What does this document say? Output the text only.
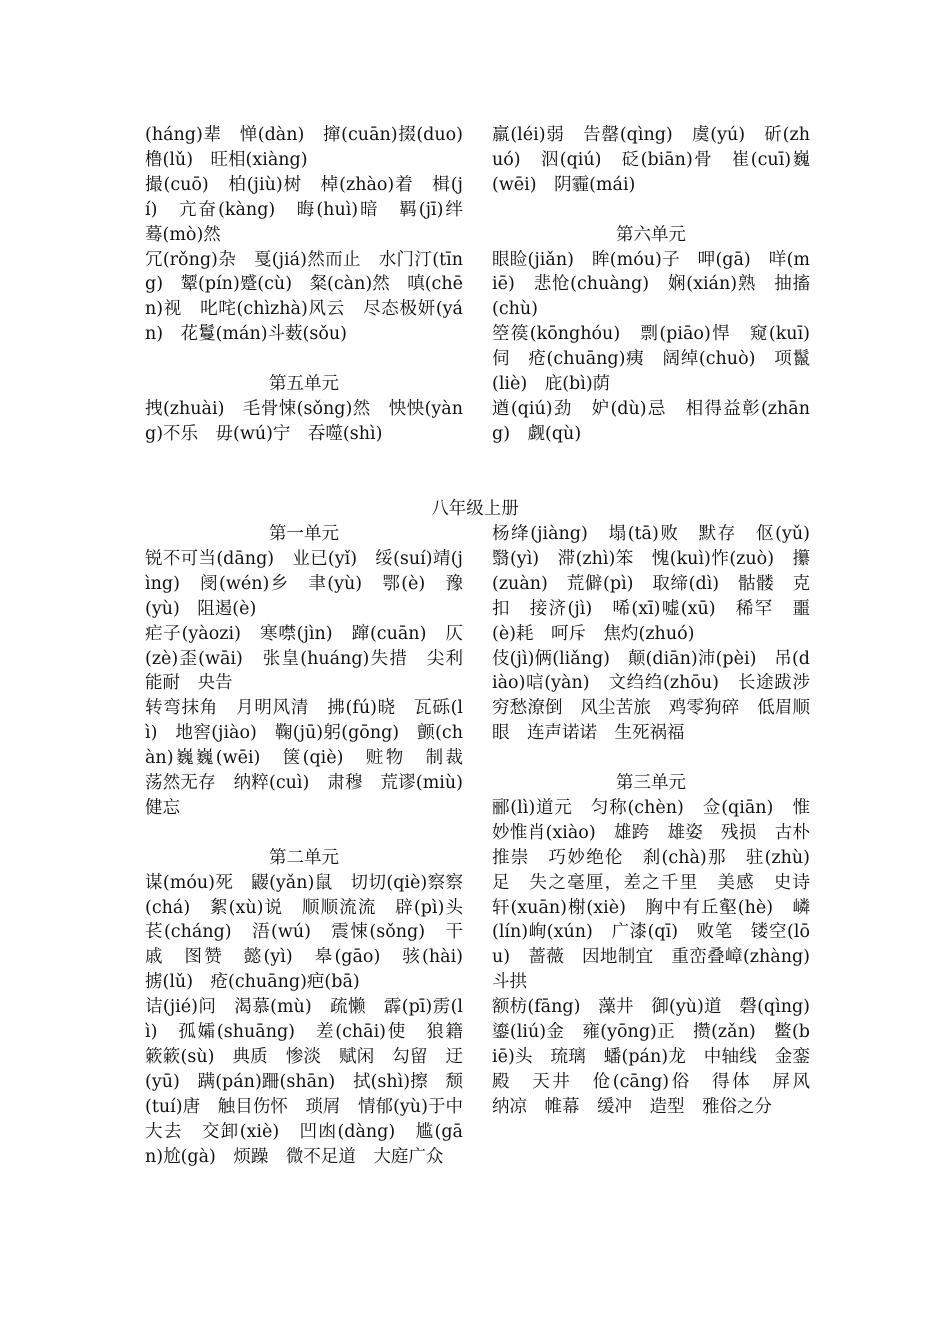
(háng)辈　惮(dàn)　撺(cuān)掇(duo)　橹(lǔ)　旺相(xiàng)

撮(cuō)　柏(jiù)树　棹(zhào)着　楫(jí)　亢奋(kàng)　晦(huì)暗　羁(jī)绊　蓦(mò)然

冗(rǒng)杂　戛(jiá)然而止　水门汀(tīng)　颦(pín)蹙(cù)　粲(càn)然　嗔(chēn)视　叱咤(chìzhà)风云　尽态极妍(yán)　花鬘(mán)斗薮(sǒu)

第五单元

拽(zhuài)　毛骨悚(sǒng)然　怏怏(yàng)不乐　毋(wú)宁　吞噬(shì)

羸(léi)弱　告罄(qìng)　虞(yú)　斫(zhuó)　泅(qiú)　砭(biān)骨　崔(cuī)巍(wēi)　阴霾(mái)

第六单元

眼睑(jiǎn)　眸(móu)子　呷(gā)　咩(miē)　悲怆(chuàng)　娴(xián)熟　抽搐(chù)

箜篌(kōnghóu)　剽(piāo)悍　窥(kuī)伺　疮(chuāng)痍　阔绰(chuò)　项鬣(liè)　庇(bì)荫

遒(qiú)劲　妒(dù)忌　相得益彰(zhāng)　觑(qù)

八年级上册

第一单元

锐不可当(dāng)　业已(yǐ)　绥(suí)靖(jìng)　阌(wén)乡　聿(yù)　鄂(è)　豫(yù)　阻遏(è)

疟子(yàozi)　寒噤(jìn)　蹿(cuān)　仄(zè)歪(wāi)　张皇(huáng)失措　尖利　能耐　央告

转弯抹角　月明风清　拂(fú)晓　瓦砾(lì)　地窖(jiào)　鞠(jū)躬(gōng)　颤(chàn)巍巍(wēi)　箧(qiè)　赃物　制裁　荡然无存　纳粹(cuì)　肃穆　荒谬(miù)　健忘

第二单元

谋(móu)死　鼹(yǎn)鼠　切切(qiè)察察(chá)　絮(xù)说　顺顺流流　辟(pì)头　苌(cháng)　浯(wú)　震悚(sǒng)　干戚　图赞　懿(yì)　皋(gāo)　骇(hài)　掳(lǔ)　疮(chuāng)疤(bā)

诘(jié)问　渴慕(mù)　疏懒　霹(pī)雳(lì)　孤孀(shuāng)　差(chāi)使　狼籍　簌簌(sù)　典质　惨淡　赋闲　勾留　迂(yū)　蹒(pán)跚(shān)　拭(shì)擦　颓(tuí)唐　触目伤怀　琐屑　情郁(yù)于中　大去　交卸(xiè)　凹凼(dàng)　尴(gān)尬(gà)　烦躁　微不足道　大庭广众

杨绛(jiàng)　塌(tā)败　默存　伛(yǔ)　翳(yì)　滞(zhì)笨　愧(kuì)怍(zuò)　攥(zuàn)　荒僻(pì)　取缔(dì)　骷髅　克扣　接济(jì)　唏(xī)嘘(xū)　稀罕　噩(è)耗　呵斥　焦灼(zhuó)

伎(jì)俩(liǎng)　颠(diān)沛(pèi)　吊(diào)唁(yàn)　文绉绉(zhōu)　长途跋涉　穷愁潦倒　风尘苦旅　鸡零狗碎　低眉顺眼　连声诺诺　生死祸福

第三单元

郦(lì)道元　匀称(chèn)　佥(qiān)　惟妙惟肖(xiào)　雄跨　雄姿　残损　古朴　推崇　巧妙绝伦　刹(chà)那　驻(zhù)足　失之毫厘，差之千里　美感　史诗　轩(xuān)榭(xiè)　胸中有丘壑(hè)　嶙(lín)峋(xún)　广漆(qī)　败笔　镂空(lōu)　蔷薇　因地制宜　重峦叠嶂(zhàng)　斗拱

额枋(fāng)　藻井　御(yù)道　磬(qìng)　鎏(liú)金　雍(yōng)正　攒(zǎn)　鳖(biē)头　琉璃　蟠(pán)龙　中轴线　金銮殿　天井　伧(cāng)俗　得体　屏风　纳凉　帷幕　缓冲　造型　雅俗之分
